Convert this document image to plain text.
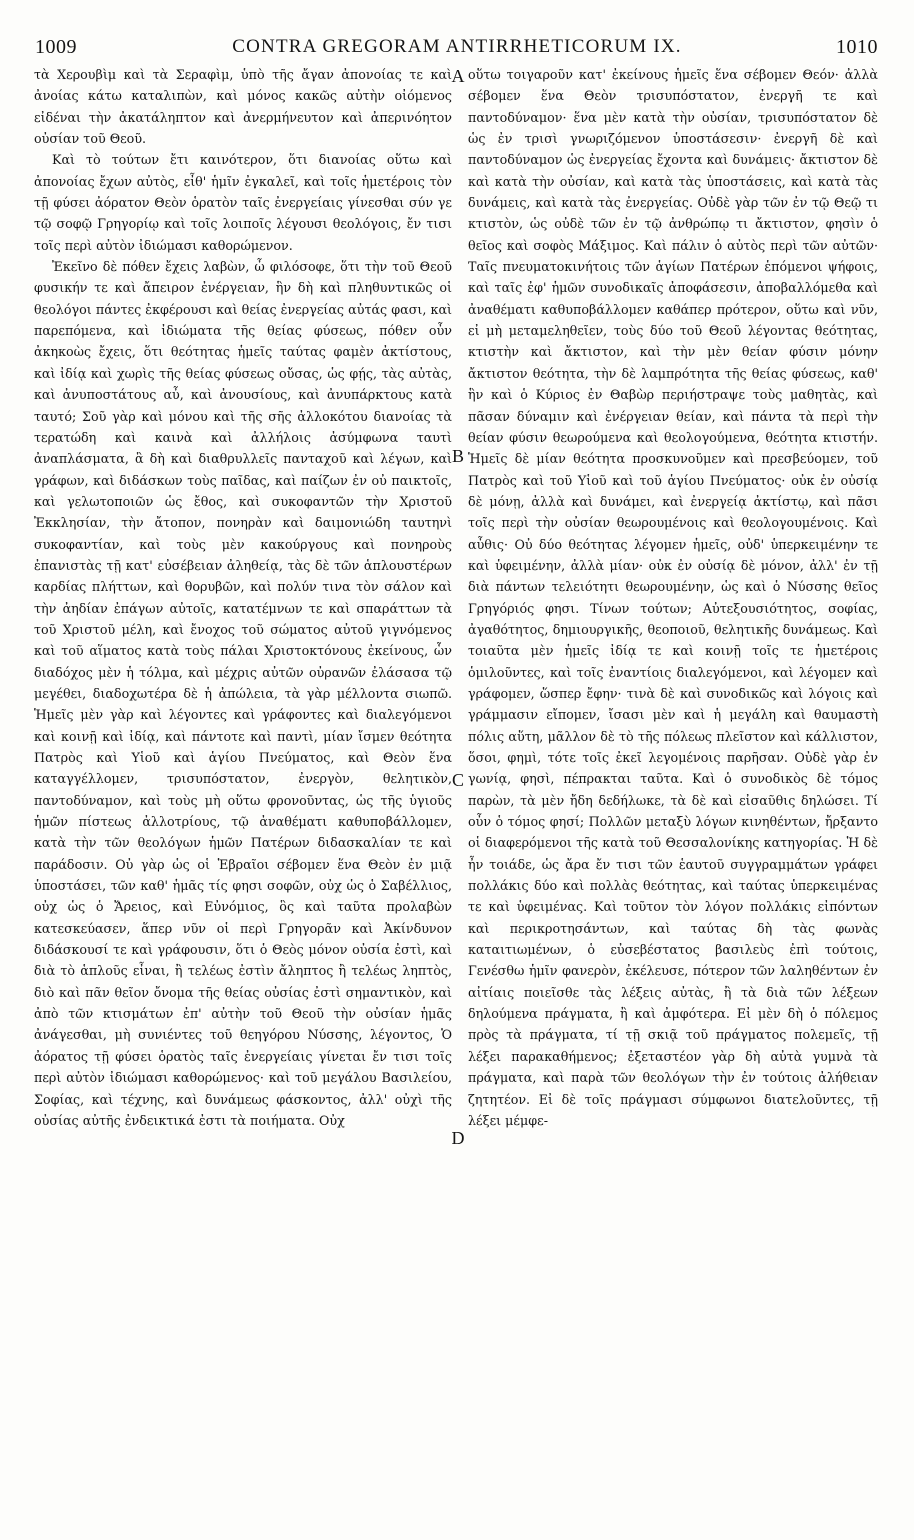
1009	CONTRA GREGORAM ANTIRRHETICORUM IX.	1010

τὰ Χερουβὶμ καὶ τὰ Σεραφὶμ, ὑπὸ τῆς ἄγαν ἀπονοίας τε καὶ ἀνοίας κάτω καταλιπὼν, καὶ μόνος κακῶς αὐτὴν οἰόμενος εἰδέναι τὴν ἀκατάληπτον καὶ ἀνερμήνευτον καὶ ἀπερινόητον οὐσίαν τοῦ Θεοῦ.

Καὶ τὸ τούτων ἔτι καινότερον, ὅτι διανοίας οὕτω καὶ ἀπονοίας ἔχων αὐτὸς, εἶθ' ἡμῖν ἐγκαλεῖ, καὶ τοῖς ἡμετέροις τὸν τῇ φύσει ἀόρατον Θεὸν ὁρατὸν ταῖς ἐνεργείαις γίνεσθαι σύν γε τῷ σοφῷ Γρηγορίῳ καὶ τοῖς λοιποῖς λέγουσι θεολόγοις, ἔν τισι τοῖς περὶ αὐτὸν ἰδιώμασι καθορώμενον.

Ἐκεῖνο δὲ πόθεν ἔχεις λαβὼν, ὦ φιλόσοφε, ὅτι τὴν τοῦ Θεοῦ φυσικήν τε καὶ ἄπειρον ἐνέργειαν, ἣν δὴ καὶ πληθυντικῶς οἱ θεολόγοι πάντες ἐκφέρουσι καὶ θείας ἐνεργείας αὐτάς φασι, καὶ παρεπόμενα, καὶ ἰδιώματα τῆς θείας φύσεως, πόθεν οὖν ἀκηκοὼς ἔχεις, ὅτι θεότητας ἡμεῖς ταύτας φαμὲν ἀκτίστους, καὶ ἰδίᾳ καὶ χωρὶς τῆς θείας φύσεως οὔσας, ὡς φῄς, τὰς αὐτὰς, καὶ ἀνυποστάτους αὖ, καὶ ἀνουσίους, καὶ ἀνυπάρκτους κατὰ ταυτό; Σοῦ γὰρ καὶ μόνου καὶ τῆς σῆς ἀλλοκότου διανοίας τὰ τερατώδη καὶ καινὰ καὶ ἀλλήλοις ἀσύμφωνα ταυτὶ ἀναπλάσματα, ἃ δὴ καὶ διαθρυλλεῖς πανταχοῦ καὶ λέγων, καὶ γράφων, καὶ διδάσκων τοὺς παῖδας, καὶ παίζων ἐν οὐ παικτοῖς, καὶ γελωτοποιῶν ὡς ἔθος, καὶ συκοφαντῶν τὴν Χριστοῦ Ἐκκλησίαν, τὴν ἄτοπον, πονηρὰν καὶ δαιμονιώδη ταυτηνὶ συκοφαντίαν, καὶ τοὺς μὲν κακούργους καὶ πονηροὺς ἐπανιστὰς τῇ κατ' εὐσέβειαν ἀληθείᾳ, τὰς δὲ τῶν ἁπλουστέρων καρδίας πλήττων, καὶ θορυβῶν, καὶ πολύν τινα τὸν σάλον καὶ τὴν ἀηδίαν ἐπάγων αὐτοῖς, κατατέμνων τε καὶ σπαράττων τὰ τοῦ Χριστοῦ μέλη, καὶ ἔνοχος τοῦ σώματος αὐτοῦ γιγνόμενος καὶ τοῦ αἵματος κατὰ τοὺς πάλαι Χριστοκτόνους ἐκείνους, ὧν διαδόχος μὲν ἡ τόλμα, καὶ μέχρις αὐτῶν οὐρανῶν ἐλάσασα τῷ μεγέθει, διαδοχωτέρα δὲ ἡ ἀπώλεια, τὰ γὰρ μέλλοντα σιωπῶ. Ἡμεῖς μὲν γὰρ καὶ λέγοντες καὶ γράφοντες καὶ διαλεγόμενοι καὶ κοινῇ καὶ ἰδίᾳ, καὶ πάντοτε καὶ παντὶ, μίαν ἴσμεν θεότητα Πατρὸς καὶ Υἱοῦ καὶ ἁγίου Πνεύματος, καὶ Θεὸν ἕνα καταγγέλλομεν, τρισυπόστατον, ἐνεργὸν, θελητικὸν, παντοδύναμον, καὶ τοὺς μὴ οὕτω φρονοῦντας, ὡς τῆς ὑγιοῦς ἡμῶν πίστεως ἀλλοτρίους, τῷ ἀναθέματι καθυποβάλλομεν, κατὰ τὴν τῶν θεολόγων ἡμῶν Πατέρων διδασκαλίαν τε καὶ παράδοσιν. Οὐ γὰρ ὡς οἱ Ἑβραῖοι σέβομεν ἕνα Θεὸν ἐν μιᾷ ὑποστάσει, τῶν καθ' ἡμᾶς τίς φησι σοφῶν, οὐχ ὡς ὁ Σαβέλλιος, οὐχ ὡς ὁ Ἄρειος, καὶ Εὐνόμιος, ὃς καὶ ταῦτα προλαβὼν κατεσκεύασεν, ἅπερ νῦν οἱ περὶ Γρηγορᾶν καὶ Ἀκίνδυνον διδάσκουσί τε καὶ γράφουσιν, ὅτι ὁ Θεὸς μόνον οὐσία ἐστὶ, καὶ διὰ τὸ ἁπλοῦς εἶναι, ἢ τελέως ἐστὶν ἄληπτος ἢ τελέως ληπτὸς, διὸ καὶ πᾶν θεῖον ὄνομα τῆς θείας οὐσίας ἐστὶ σημαντικὸν, καὶ ἀπὸ τῶν κτισμάτων ἐπ' αὐτὴν τοῦ Θεοῦ τὴν οὐσίαν ἡμᾶς ἀνάγεσθαι, μὴ συνιέντες τοῦ θεηγόρου Νύσσης, λέγοντος, Ὁ ἀόρατος τῇ φύσει ὁρατὸς ταῖς ἐνεργείαις γίνεται ἔν τισι τοῖς περὶ αὐτὸν ἰδιώμασι καθορώμενος· καὶ τοῦ μεγάλου Βασιλείου, Σοφίας, καὶ τέχνης, καὶ δυνάμεως φάσκοντος, ἀλλ' οὐχὶ τῆς οὐσίας αὐτῆς ἐνδεικτικά ἐστι τὰ ποιήματα. Οὐχ

A
B
C
D

οὕτω τοιγαροῦν κατ' ἐκείνους ἡμεῖς ἕνα σέβομεν Θεόν· ἀλλὰ σέβομεν ἕνα Θεὸν τρισυπόστατον, ἐνεργῆ τε καὶ παντοδύναμον· ἕνα μὲν κατὰ τὴν οὐσίαν, τρισυπόστατον δὲ ὡς ἐν τρισὶ γνωριζόμενον ὑποστάσεσιν· ἐνεργῆ δὲ καὶ παντοδύναμον ὡς ἐνεργείας ἔχοντα καὶ δυνάμεις· ἄκτιστον δὲ καὶ κατὰ τὴν οὐσίαν, καὶ κατὰ τὰς ὑποστάσεις, καὶ κατὰ τὰς δυνάμεις, καὶ κατὰ τὰς ἐνεργείας. Οὐδὲ γὰρ τῶν ἐν τῷ Θεῷ τι κτιστὸν, ὡς οὐδὲ τῶν ἐν τῷ ἀνθρώπῳ τι ἄκτιστον, φησὶν ὁ θεῖος καὶ σοφὸς Μάξιμος. Καὶ πάλιν ὁ αὐτὸς περὶ τῶν αὐτῶν· Ταῖς πνευματοκινήτοις τῶν ἁγίων Πατέρων ἑπόμενοι ψήφοις, καὶ ταῖς ἐφ' ἡμῶν συνοδικαῖς ἀποφάσεσιν, ἀποβαλλόμεθα καὶ ἀναθέματι καθυποβάλλομεν καθάπερ πρότερον, οὕτω καὶ νῦν, εἰ μὴ μεταμεληθεῖεν, τοὺς δύο τοῦ Θεοῦ λέγοντας θεότητας, κτιστὴν καὶ ἄκτιστον, καὶ τὴν μὲν θείαν φύσιν μόνην ἄκτιστον θεότητα, τὴν δὲ λαμπρότητα τῆς θείας φύσεως, καθ' ἣν καὶ ὁ Κύριος ἐν Θαβὼρ περιήστραψε τοὺς μαθητὰς, καὶ πᾶσαν δύναμιν καὶ ἐνέργειαν θείαν, καὶ πάντα τὰ περὶ τὴν θείαν φύσιν θεωρούμενα καὶ θεολογούμενα, θεότητα κτιστήν. Ἡμεῖς δὲ μίαν θεότητα προσκυνοῦμεν καὶ πρεσβεύομεν, τοῦ Πατρὸς καὶ τοῦ Υἱοῦ καὶ τοῦ ἁγίου Πνεύματος· οὐκ ἐν οὐσίᾳ δὲ μόνῃ, ἀλλὰ καὶ δυνάμει, καὶ ἐνεργείᾳ ἀκτίστῳ, καὶ πᾶσι τοῖς περὶ τὴν οὐσίαν θεωρουμένοις καὶ θεολογουμένοις. Καὶ αὖθις· Οὐ δύο θεότητας λέγομεν ἡμεῖς, οὐδ' ὑπερκειμένην τε καὶ ὑφειμένην, ἀλλὰ μίαν· οὐκ ἐν οὐσίᾳ δὲ μόνον, ἀλλ' ἐν τῇ διὰ πάντων τελειότητι θεωρουμένην, ὡς καὶ ὁ Νύσσης θεῖος Γρηγόριός φησι. Τίνων τούτων; Αὐτεξουσιότητος, σοφίας, ἀγαθότητος, δημιουργικῆς, θεοποιοῦ, θελητικῆς δυνάμεως. Καὶ τοιαῦτα μὲν ἡμεῖς ἰδίᾳ τε καὶ κοινῇ τοῖς τε ἡμετέροις ὁμιλοῦντες, καὶ τοῖς ἐναντίοις διαλεγόμενοι, καὶ λέγομεν καὶ γράφομεν, ὥσπερ ἔφην· τινὰ δὲ καὶ συνοδικῶς καὶ λόγοις καὶ γράμμασιν εἴπομεν, ἴσασι μὲν καὶ ἡ μεγάλη καὶ θαυμαστὴ πόλις αὕτη, μᾶλλον δὲ τὸ τῆς πόλεως πλεῖστον καὶ κάλλιστον, ὅσοι, φημὶ, τότε τοῖς ἐκεῖ λεγομένοις παρῆσαν. Οὐδὲ γὰρ ἐν γωνίᾳ, φησὶ, πέπρακται ταῦτα. Καὶ ὁ συνοδικὸς δὲ τόμος παρὼν, τὰ μὲν ἤδη δεδήλωκε, τὰ δὲ καὶ εἰσαῦθις δηλώσει. Τί οὖν ὁ τόμος φησί; Πολλῶν μεταξὺ λόγων κινηθέντων, ἤρξαντο οἱ διαφερόμενοι τῆς κατὰ τοῦ Θεσσαλονίκης κατηγορίας. Ἡ δὲ ἦν τοιάδε, ὡς ἄρα ἔν τισι τῶν ἑαυτοῦ συγγραμμάτων γράφει πολλάκις δύο καὶ πολλὰς θεότητας, καὶ ταύτας ὑπερκειμένας τε καὶ ὑφειμένας. Καὶ τοῦτον τὸν λόγον πολλάκις εἰπόντων καὶ περικροτησάντων, καὶ ταύτας δὴ τὰς φωνὰς καταιτιωμένων, ὁ εὐσεβέστατος βασιλεὺς ἐπὶ τούτοις, Γενέσθω ἡμῖν φανερὸν, ἐκέλευσε, πότερον τῶν λαληθέντων ἐν αἰτίαις ποιεῖσθε τὰς λέξεις αὐτὰς, ἢ τὰ διὰ τῶν λέξεων δηλούμενα πράγματα, ἢ καὶ ἀμφότερα. Εἰ μὲν δὴ ὁ πόλεμος πρὸς τὰ πράγματα, τί τῇ σκιᾷ τοῦ πράγματος πολεμεῖς, τῇ λέξει παρακαθήμενος; ἐξεταστέον γὰρ δὴ αὐτὰ γυμνὰ τὰ πράγματα, καὶ παρὰ τῶν θεολόγων τὴν ἐν τούτοις ἀλήθειαν ζητητέον. Εἰ δὲ τοῖς πράγμασι σύμφωνοι διατελοῦντες, τῇ λέξει μέμφε-
